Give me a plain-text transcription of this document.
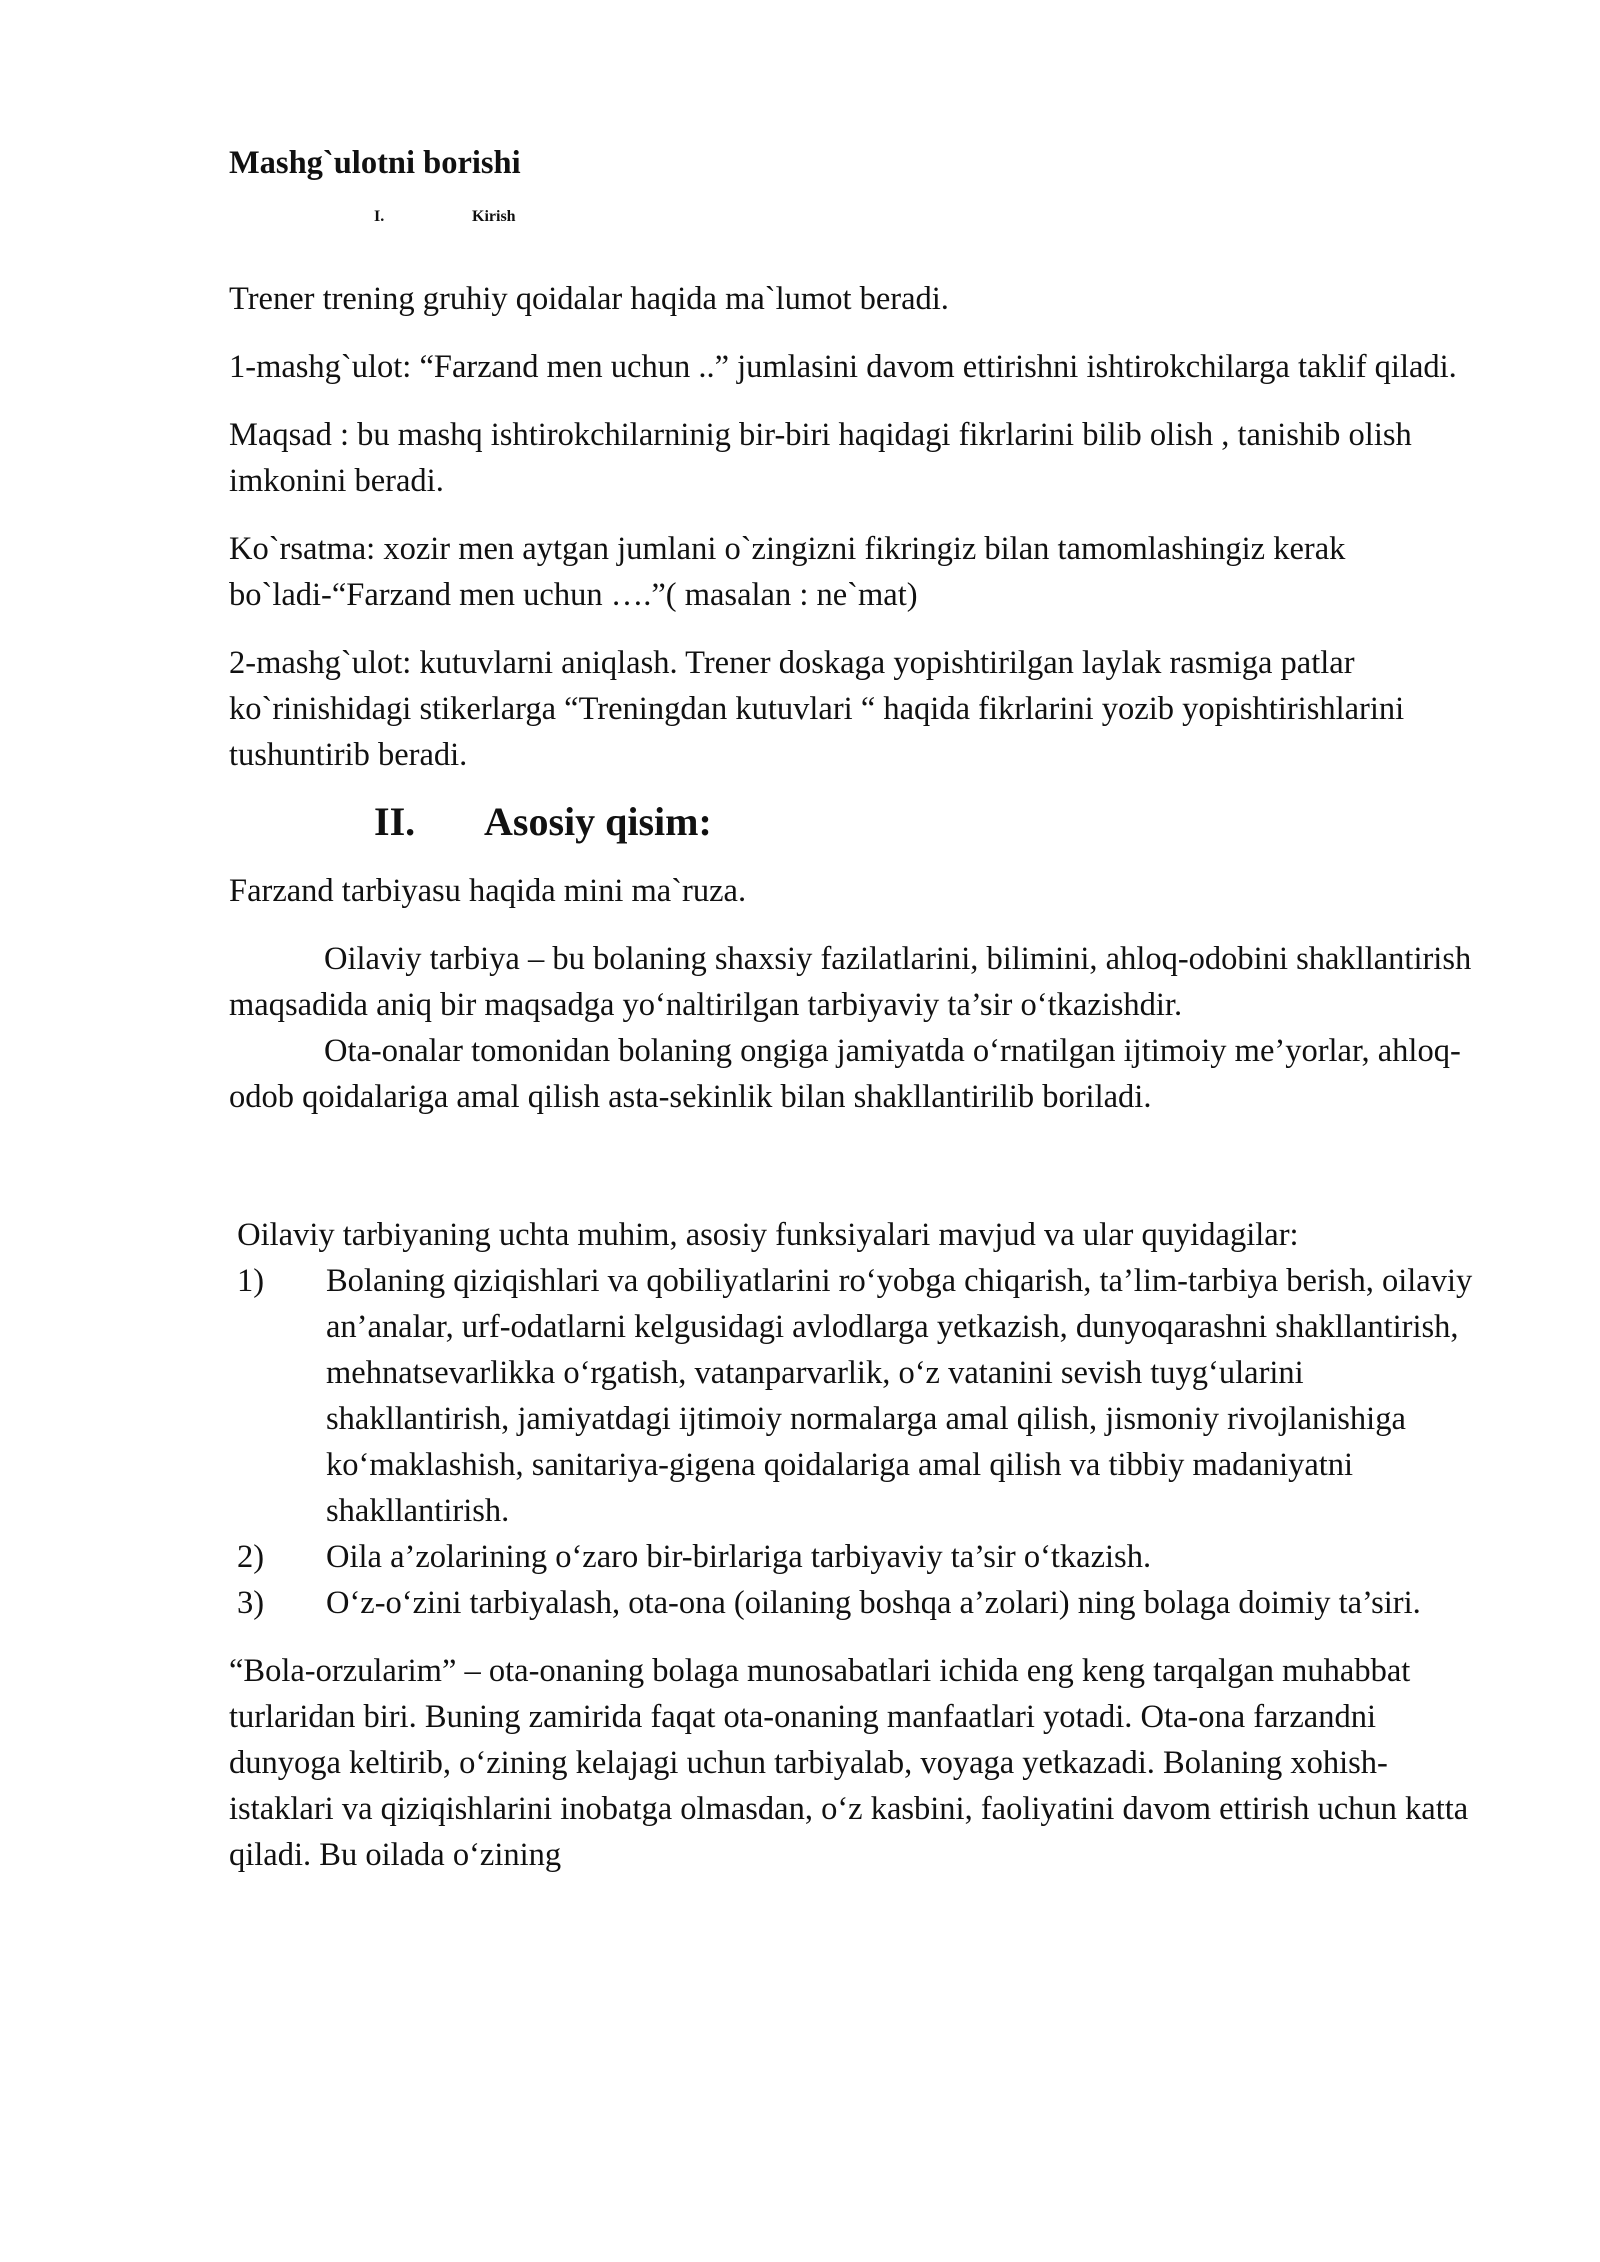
Mashg`ulotni borishi

I.	Kirish

Trener trening gruhiy qoidalar haqida ma`lumot beradi.

1-mashg`ulot: “Farzand men uchun ..” jumlasini davom ettirishni ishtirokchilarga taklif qiladi.

Maqsad : bu mashq ishtirokchilarninig bir-biri haqidagi fikrlarini bilib olish , tanishib olish imkonini beradi.

Ko`rsatma: xozir men aytgan jumlani o`zingizni fikringiz bilan tamomlashingiz kerak bo`ladi-“Farzand men uchun ….”( masalan : ne`mat)

2-mashg`ulot: kutuvlarni aniqlash. Trener doskaga yopishtirilgan laylak rasmiga patlar ko`rinishidagi stikerlarga “Treningdan kutuvlari “ haqida fikrlarini yozib yopishtirishlarini tushuntirib beradi.

II. Asosiy qisim:

Farzand tarbiyasu haqida mini ma`ruza.

Oilaviy tarbiya – bu bolaning shaxsiy fazilatlarini, bilimini, ahloq-odobini shakllantirish maqsadida aniq bir maqsadga yo‘naltirilgan tarbiyaviy ta’sir o‘tkazishdir.

Ota-onalar tomonidan bolaning ongiga jamiyatda o‘rnatilgan ijtimoiy me’yorlar, ahloq-odob qoidalariga amal qilish asta-sekinlik bilan shakllantirilib boriladi.

Oilaviy tarbiyaning uchta muhim, asosiy funksiyalari mavjud va ular quyidagilar:

1) Bolaning qiziqishlari va qobiliyatlarini ro‘yobga chiqarish, ta’lim-tarbiya berish, oilaviy an’analar, urf-odatlarni kelgusidagi avlodlarga yetkazish, dunyoqarashni shakllantirish, mehnatsevarlikka o‘rgatish, vatanparvarlik, o‘z vatanini sevish tuyg‘ularini shakllantirish, jamiyatdagi ijtimoiy normalarga amal qilish, jismoniy rivojlanishiga ko‘maklashish, sanitariya-gigena qoidalariga amal qilish va tibbiy madaniyatni shakllantirish.

2) Oila a’zolarining o‘zaro bir-birlariga tarbiyaviy ta’sir o‘tkazish.

3) O‘z-o‘zini tarbiyalash, ota-ona (oilaning boshqa a’zolari) ning bolaga doimiy ta’siri.

“Bola-orzularim” – ota-onaning bolaga munosabatlari ichida eng keng tarqalgan muhabbat turlaridan biri. Buning zamirida faqat ota-onaning manfaatlari yotadi. Ota-ona farzandni dunyoga keltirib, o‘zining kelajagi uchun tarbiyalab, voyaga yetkazadi. Bolaning xohish-istaklari va qiziqishlarini inobatga olmasdan, o‘z kasbini, faoliyatini davom ettirish uchun katta qiladi. Bu oilada o‘zining
